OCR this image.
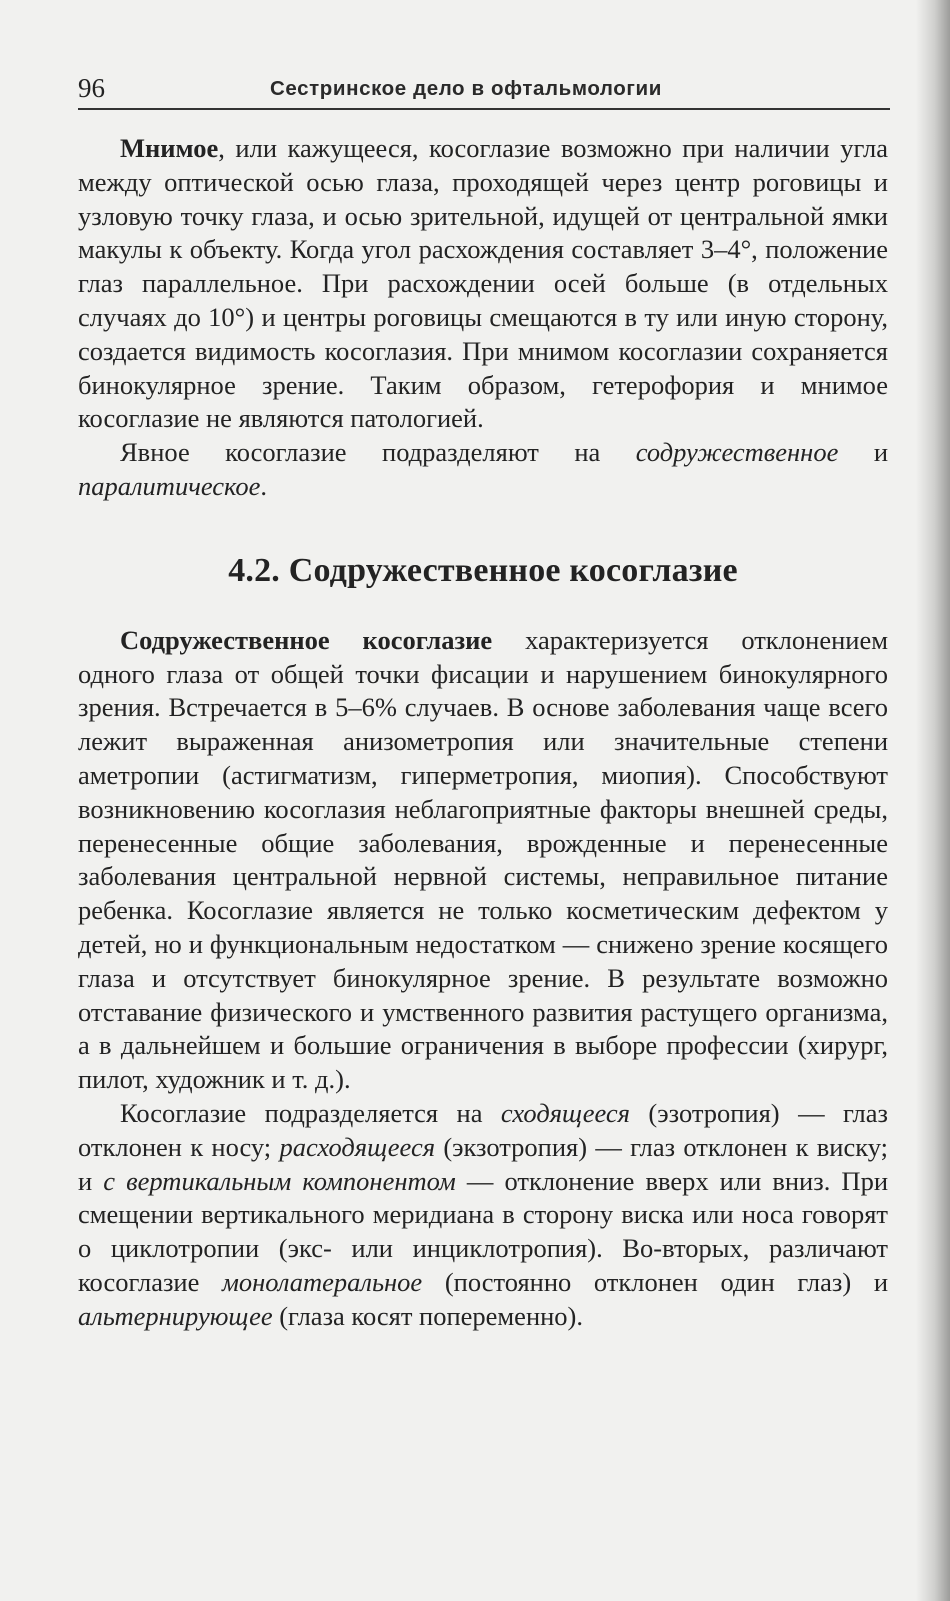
96	Сестринское дело в офтальмологии

Мнимое, или кажущееся, косоглазие возможно при наличии угла между оптической осью глаза, проходящей через центр роговицы и узловую точку глаза, и осью зрительной, идущей от центральной ямки макулы к объекту. Когда угол расхождения составляет 3–4°, положение глаз параллельное. При расхождении осей больше (в отдельных случаях до 10°) и центры роговицы смещаются в ту или иную сторону, создается видимость косоглазия. При мнимом косоглазии сохраняется бинокулярное зрение. Таким образом, гетерофория и мнимое косоглазие не являются патологией.

Явное косоглазие подразделяют на содружественное и паралитическое.

4.2. Содружественное косоглазие

Содружественное косоглазие характеризуется отклонением одного глаза от общей точки фисации и нарушением бинокулярного зрения. Встречается в 5–6% случаев. В основе заболевания чаще всего лежит выраженная анизометропия или значительные степени аметропии (астигматизм, гиперметропия, миопия). Способствуют возникновению косоглазия неблагоприятные факторы внешней среды, перенесенные общие заболевания, врожденные и перенесенные заболевания центральной нервной системы, неправильное питание ребенка. Косоглазие является не только косметическим дефектом у детей, но и функциональным недостатком — снижено зрение косящего глаза и отсутствует бинокулярное зрение. В результате возможно отставание физического и умственного развития растущего организма, а в дальнейшем и большие ограничения в выборе профессии (хирург, пилот, художник и т. д.).

Косоглазие подразделяется на сходящееся (эзотропия) — глаз отклонен к носу; расходящееся (экзотропия) — глаз отклонен к виску; и с вертикальным компонентом — отклонение вверх или вниз. При смещении вертикального меридиана в сторону виска или носа говорят о циклотропии (экс- или инциклотропия). Во-вторых, различают косоглазие монолатеральное (постоянно отклонен один глаз) и альтернирующее (глаза косят попеременно).
